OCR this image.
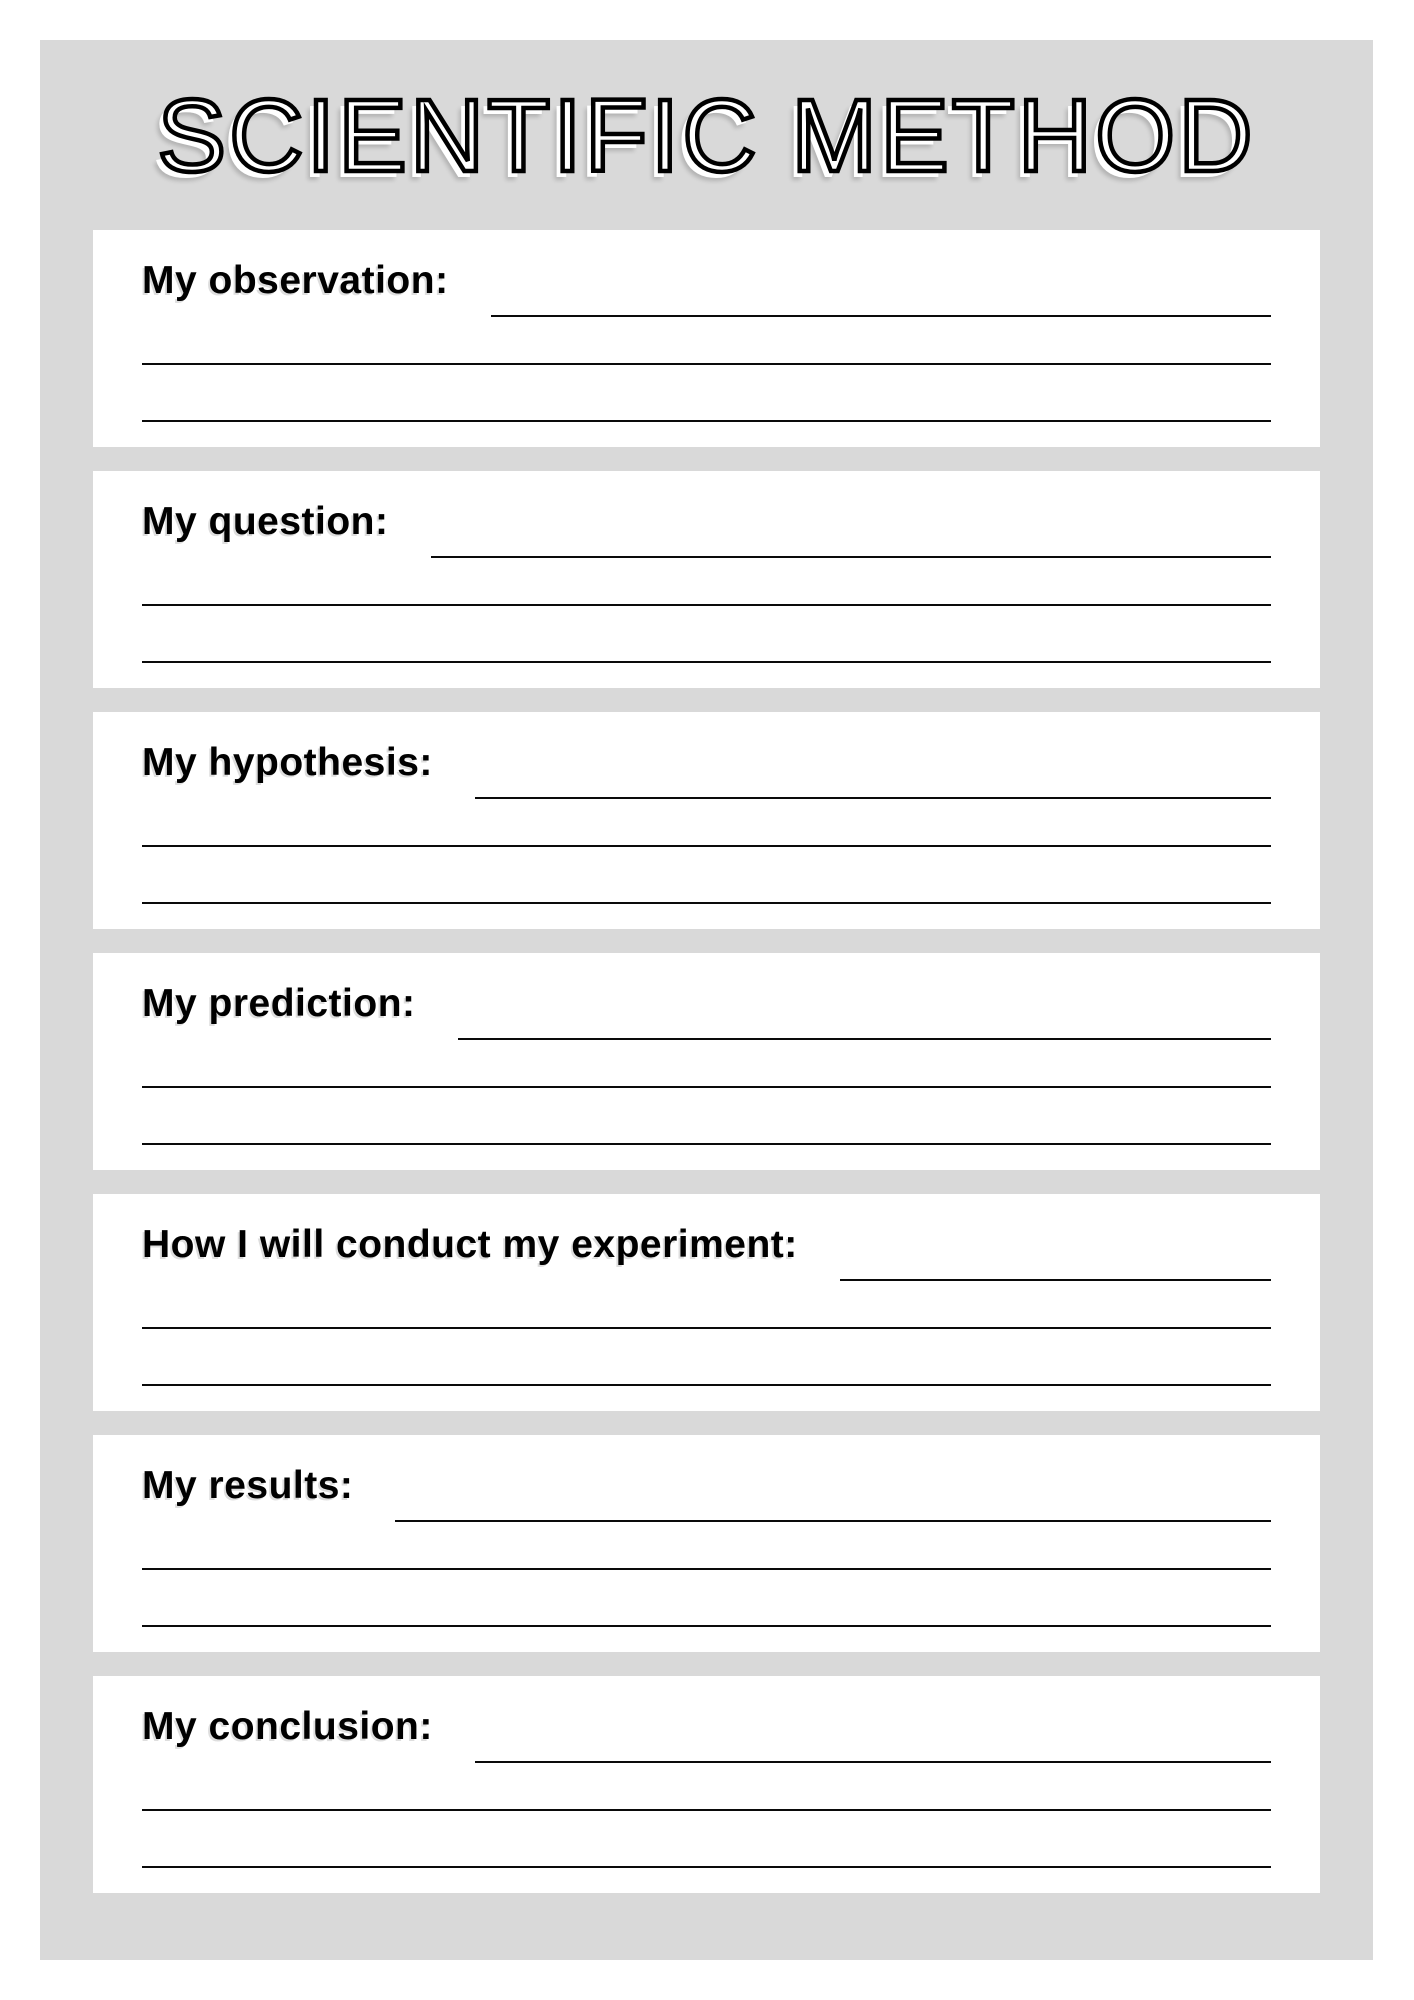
SCIENTIFIC METHOD
My observation:
My question:
My hypothesis:
My prediction:
How I will conduct my experiment:
My results:
My conclusion:
